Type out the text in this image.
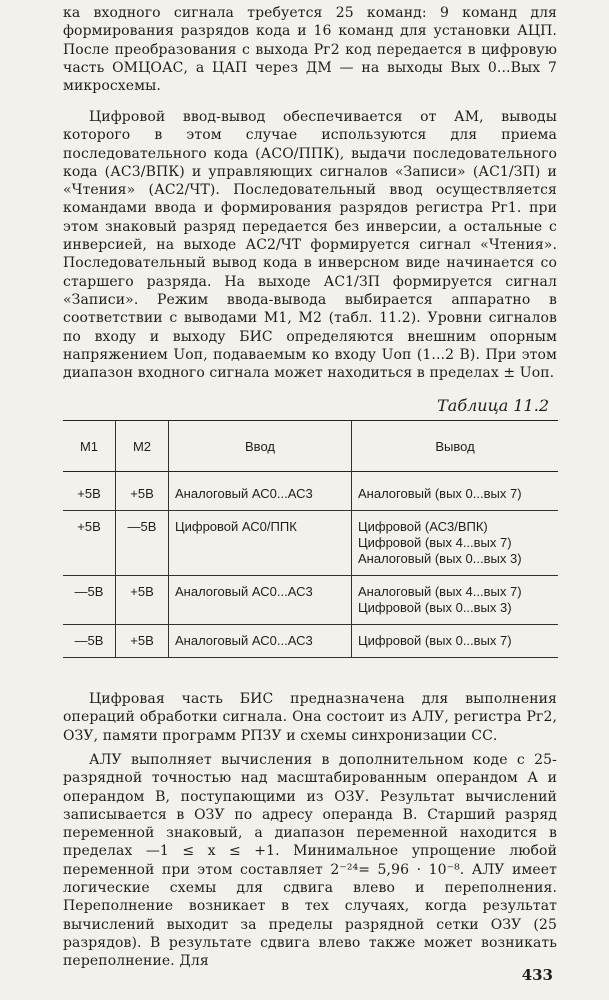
ка входного сигнала требуется 25 команд: 9 команд для формирования разрядов кода и 16 команд для установки АЦП. После преобразования с выхода Рг2 код передается в цифровую часть ОМЦОАС, а ЦАП через ДМ — на выходы Вых 0...Вых 7 микросхемы.
Цифровой ввод-вывод обеспечивается от АМ, выводы которого в этом случае используются для приема последовательного кода (АСО/ППК), выдачи последовательного кода (АС3/ВПК) и управляющих сигналов «Записи» (АС1/ЗП) и «Чтения» (АС2/ЧТ). Последовательный ввод осуществляется командами ввода и формирования разрядов регистра Рг1. при этом знаковый разряд передается без инверсии, а остальные с инверсией, на выходе АС2/ЧТ формируется сигнал «Чтения». Последовательный вывод кода в инверсном виде начинается со старшего разряда. На выходе АС1/ЗП формируется сигнал «Записи». Режим ввода-вывода выбирается аппаратно в соответствии с выводами М1, М2 (табл. 11.2). Уровни сигналов по входу и выходу БИС определяются внешним опорным напряжением Uоп, подаваемым ко входу Uоп (1...2 В). При этом диапазон входного сигнала может находиться в пределах ± Uоп.
Таблица 11.2
M1	M2	Ввод	Вывод
+5В	+5В	Аналоговый АС0...АС3	Аналоговый (вых 0...вых 7)

+5В	—5В	Цифровой АС0/ППК	Цифровой (АС3/ВПК)
Цифровой (вых 4...вых 7)
Аналоговый (вых 0...вых 3)

—5В	+5В	Аналоговый АС0...АС3	Аналоговый (вых 4...вых 7)
Цифровой (вых 0...вых 3)

—5В	+5В	Аналоговый АС0...АС3	Цифровой (вых 0...вых 7)
Цифровая часть БИС предназначена для выполнения операций обработки сигнала. Она состоит из АЛУ, регистра Рг2, ОЗУ, памяти программ РПЗУ и схемы синхронизации СС.
АЛУ выполняет вычисления в дополнительном коде с 25-разрядной точностью над масштабированным операндом А и операндом В, поступающими из ОЗУ. Результат вычислений записывается в ОЗУ по адресу операнда В. Старший разряд переменной знаковый, а диапазон переменной находится в пределах —1 ≤ x ≤ +1. Минимальное упрощение любой переменной при этом составляет 2⁻²⁴= 5,96 · 10⁻⁸. АЛУ имеет логические схемы для сдвига влево и переполнения. Переполнение возникает в тех случаях, когда результат вычислений выходит за пределы разрядной сетки ОЗУ (25 разрядов). В результате сдвига влево также может возникать переполнение. Для
433
